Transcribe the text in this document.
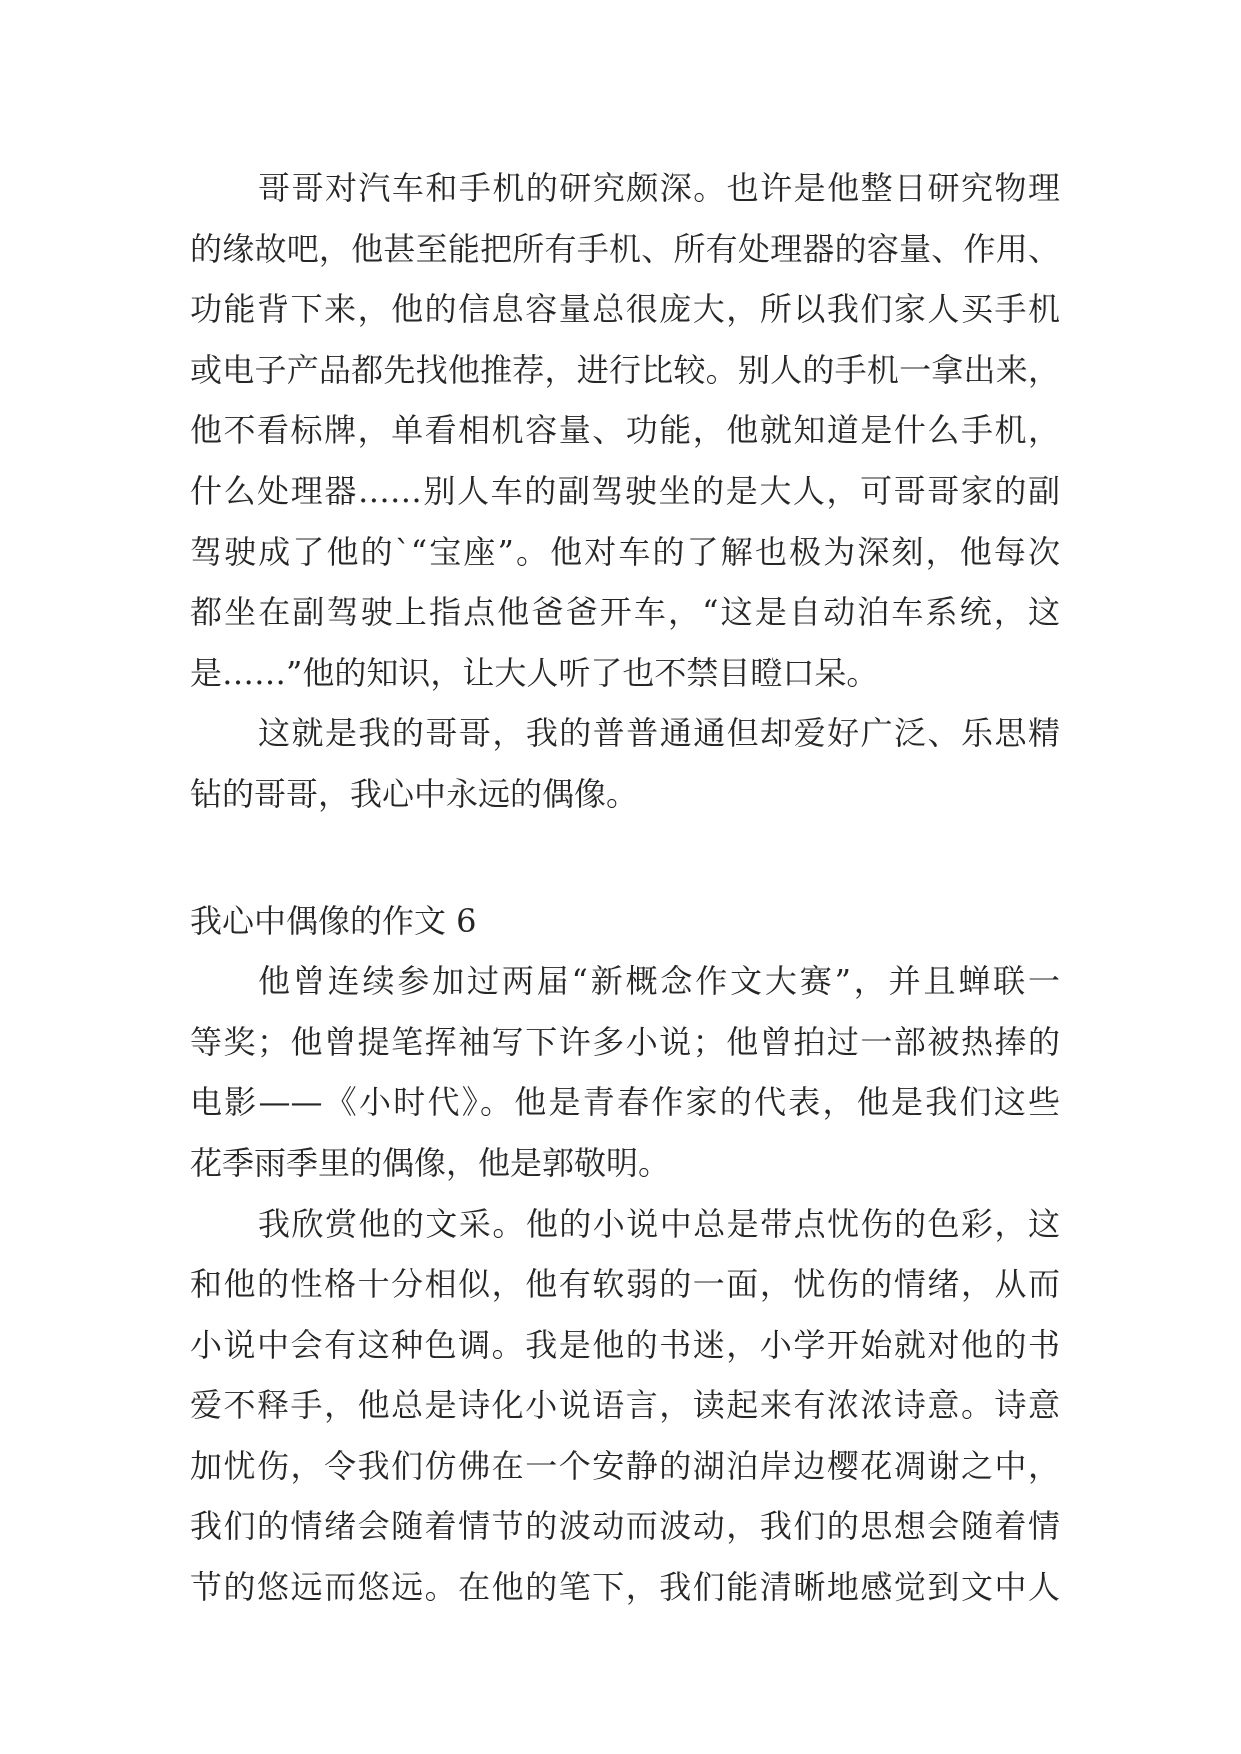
哥哥对汽车和手机的研究颇深。也许是他整日研究物理
的缘故吧，他甚至能把所有手机、所有处理器的容量、作用、
功能背下来，他的信息容量总很庞大，所以我们家人买手机
或电子产品都先找他推荐，进行比较。别人的手机一拿出来，
他不看标牌，单看相机容量、功能，他就知道是什么手机，
什么处理器……别人车的副驾驶坐的是大人，可哥哥家的副
驾驶成了他的`“宝座”。他对车的了解也极为深刻，他每次
都坐在副驾驶上指点他爸爸开车，“这是自动泊车系统，这
是……”他的知识，让大人听了也不禁目瞪口呆。
这就是我的哥哥，我的普普通通但却爱好广泛、乐思精
钻的哥哥，我心中永远的偶像。
我心中偶像的作文 6
他曾连续参加过两届“新概念作文大赛”，并且蝉联一
等奖；他曾提笔挥袖写下许多小说；他曾拍过一部被热捧的
电影——《小时代》。他是青春作家的代表，他是我们这些
花季雨季里的偶像，他是郭敬明。
我欣赏他的文采。他的小说中总是带点忧伤的色彩，这
和他的性格十分相似，他有软弱的一面，忧伤的情绪，从而
小说中会有这种色调。我是他的书迷，小学开始就对他的书
爱不释手，他总是诗化小说语言，读起来有浓浓诗意。诗意
加忧伤，令我们仿佛在一个安静的湖泊岸边樱花凋谢之中，
我们的情绪会随着情节的波动而波动，我们的思想会随着情
节的悠远而悠远。在他的笔下，我们能清晰地感觉到文中人
